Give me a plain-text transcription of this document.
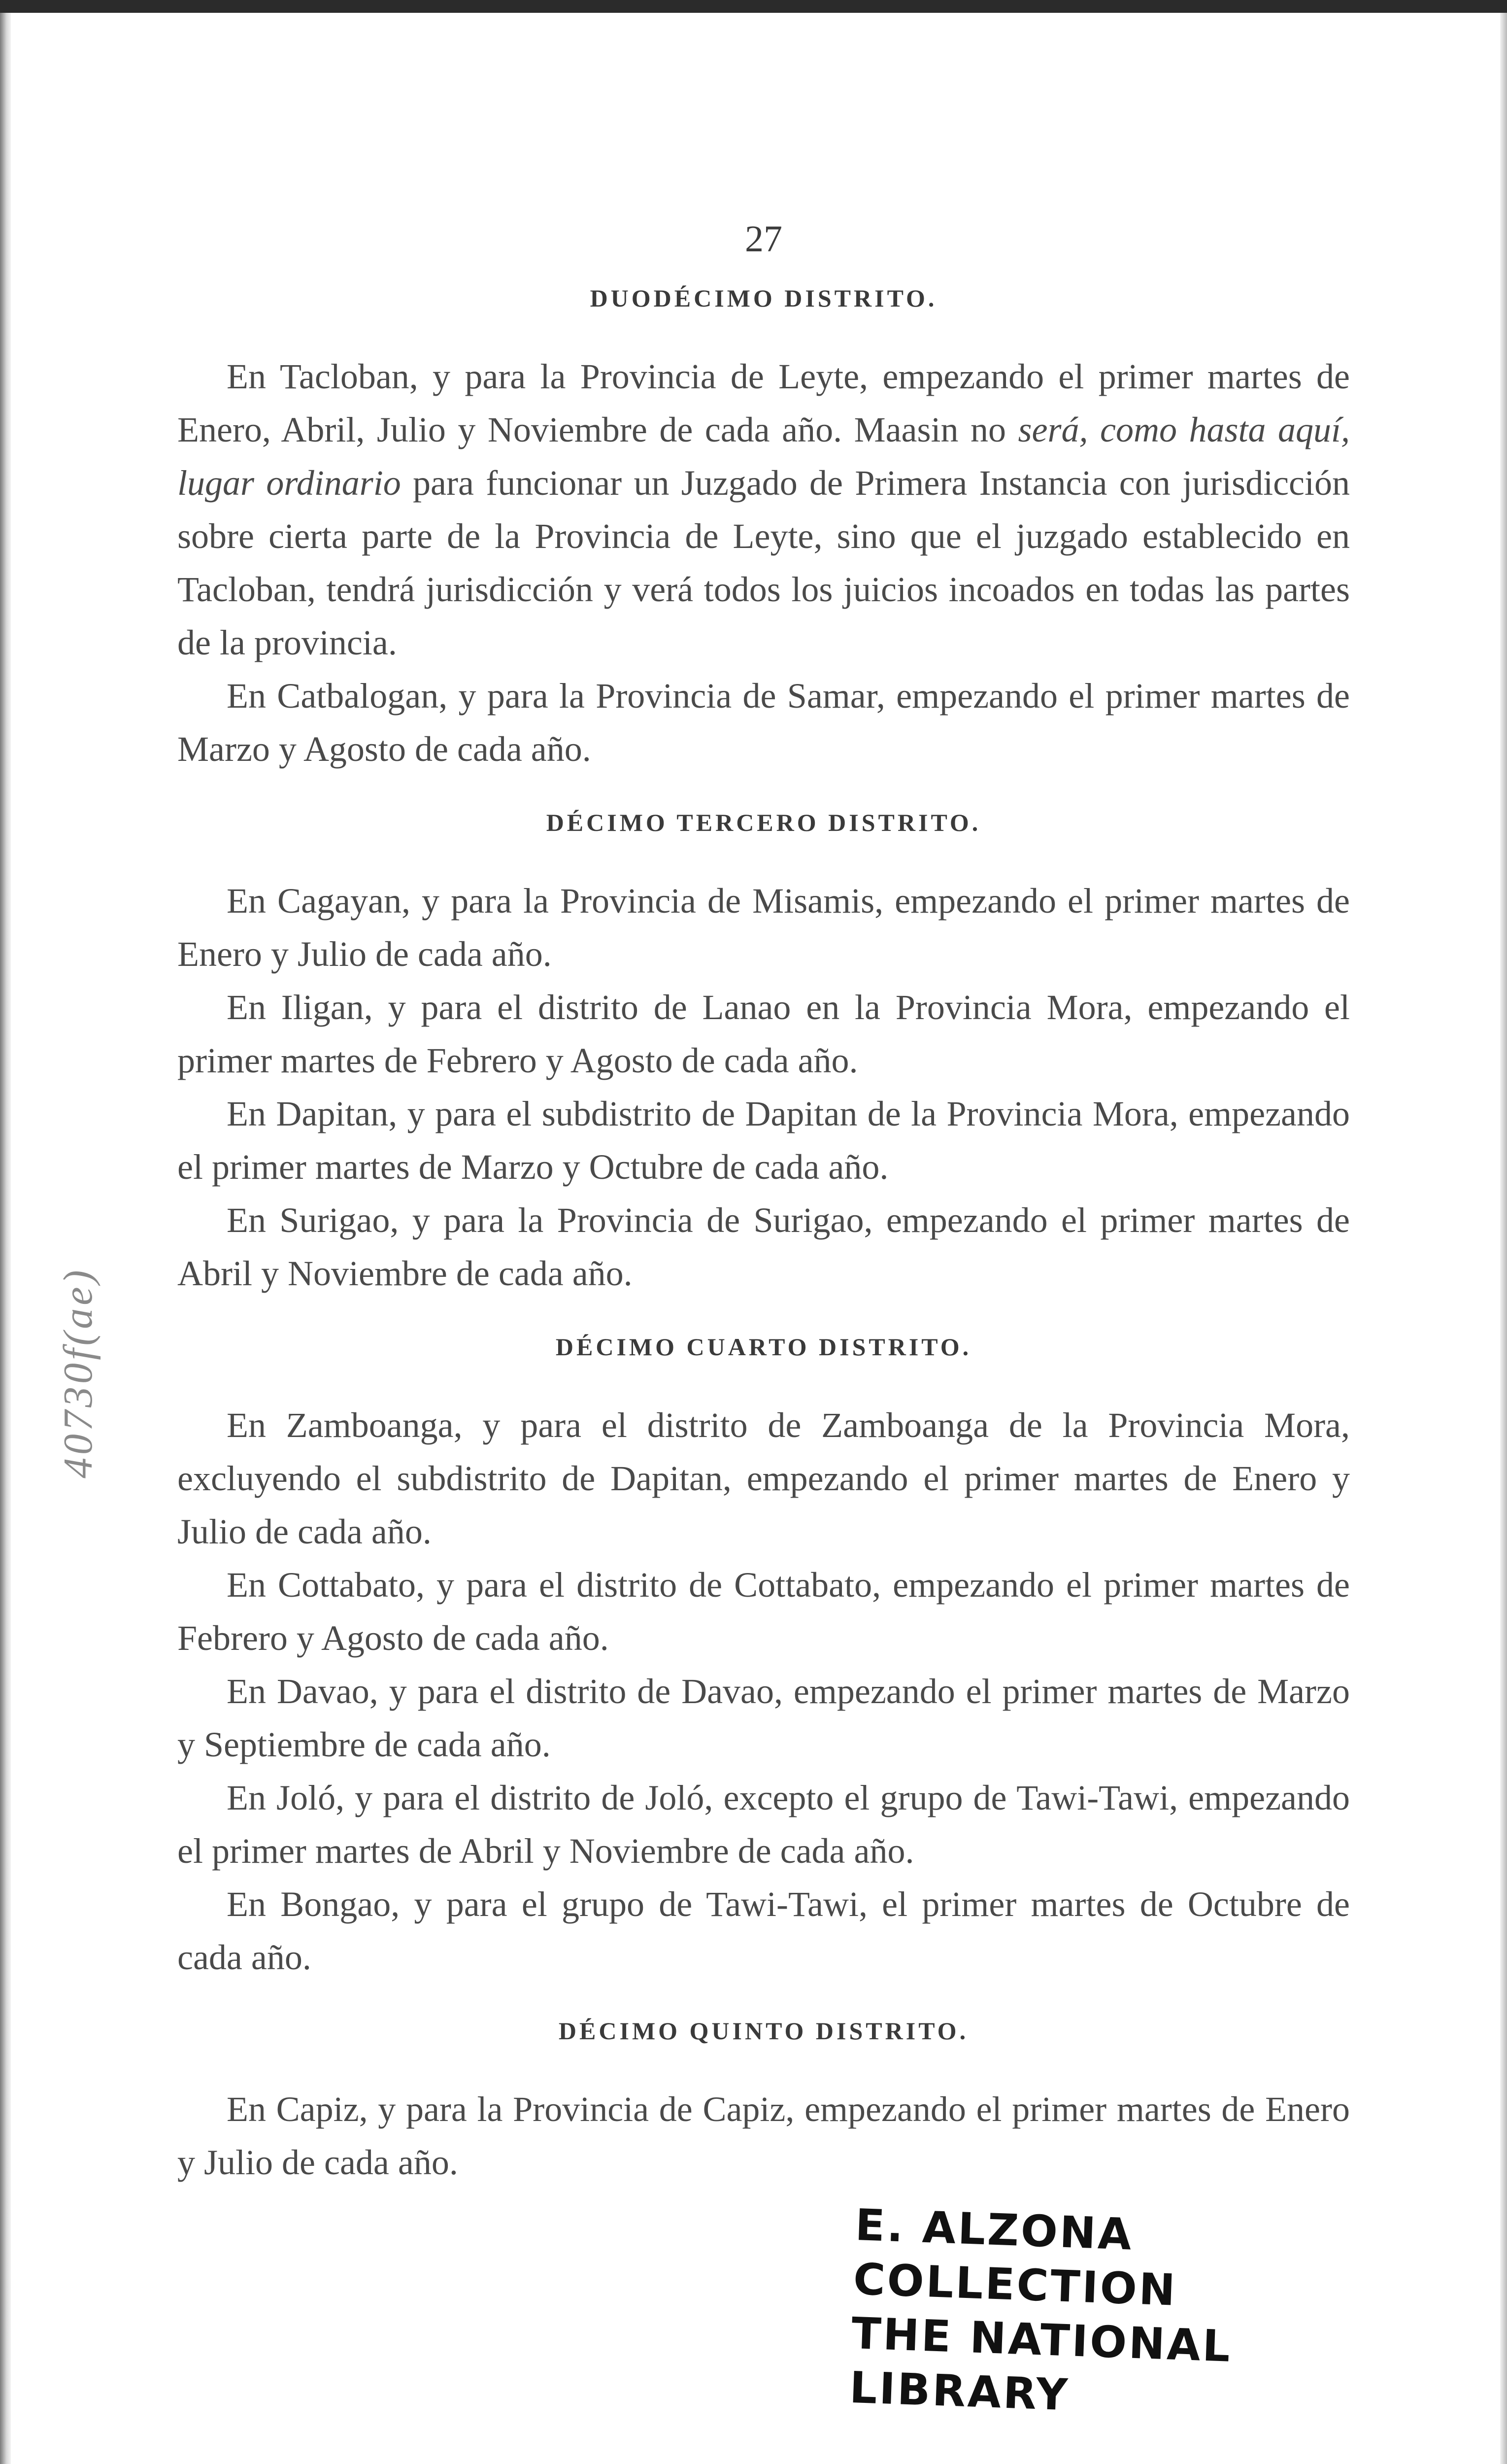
40730f(ae)
27
DUODÉCIMO DISTRITO.

En Tacloban, y para la Provincia de Leyte, empezando el primer martes de Enero, Abril, Julio y Noviembre de cada año. Maasin no será, como hasta aquí, lugar ordinario para funcionar un Juzgado de Primera Instancia con jurisdicción sobre cierta parte de la Provincia de Leyte, sino que el juzgado establecido en Tacloban, tendrá jurisdicción y verá todos los juicios incoados en todas las partes de la provincia.

En Catbalogan, y para la Provincia de Samar, empezando el primer martes de Marzo y Agosto de cada año.

DÉCIMO TERCERO DISTRITO.

En Cagayan, y para la Provincia de Misamis, empezando el primer martes de Enero y Julio de cada año.

En Iligan, y para el distrito de Lanao en la Provincia Mora, empezando el primer martes de Febrero y Agosto de cada año.

En Dapitan, y para el subdistrito de Dapitan de la Provincia Mora, empezando el primer martes de Marzo y Octubre de cada año.

En Surigao, y para la Provincia de Surigao, empezando el primer martes de Abril y Noviembre de cada año.

DÉCIMO CUARTO DISTRITO.

En Zamboanga, y para el distrito de Zamboanga de la Provincia Mora, excluyendo el subdistrito de Dapitan, empezando el primer martes de Enero y Julio de cada año.

En Cottabato, y para el distrito de Cottabato, empezando el primer martes de Febrero y Agosto de cada año.

En Davao, y para el distrito de Davao, empezando el primer martes de Marzo y Septiembre de cada año.

En Joló, y para el distrito de Joló, excepto el grupo de Tawi-Tawi, empezando el primer martes de Abril y Noviembre de cada año.

En Bongao, y para el grupo de Tawi-Tawi, el primer martes de Octubre de cada año.

DÉCIMO QUINTO DISTRITO.

En Capiz, y para la Provincia de Capiz, empezando el primer martes de Enero y Julio de cada año.

E. ALZONA COLLECTION
THE NATIONAL LIBRARY
